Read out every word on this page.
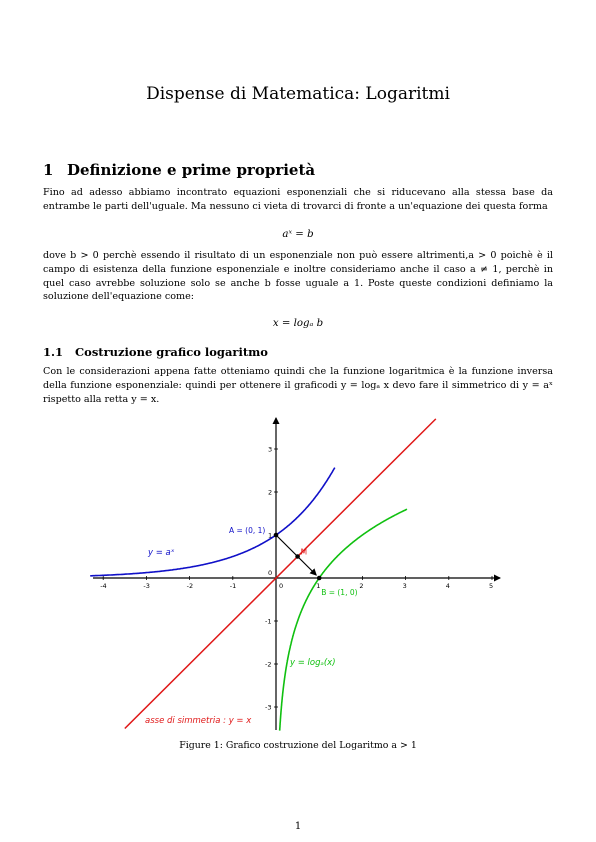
Dispense di Matematica: Logaritmi
1 Definizione e prime proprietà
Fino ad adesso abbiamo incontrato equazioni esponenziali che si riducevano alla stessa base da entrambe le parti dell'uguale. Ma nessuno ci vieta di trovarci di fronte a un'equazione dei questa forma
aˣ = b
dove b > 0 perchè essendo il risultato di un esponenziale non può essere altrimenti,a > 0 poichè è il campo di esistenza della funzione esponenziale e inoltre consideriamo anche il caso a ≠ 1, perchè in quel caso avrebbe soluzione solo se anche b fosse uguale a 1. Poste queste condizioni definiamo la soluzione dell'equazione come:
x = logₐ b
1.1 Costruzione grafico logaritmo
Con le considerazioni appena fatte otteniamo quindi che la funzione logaritmica è la funzione inversa della funzione esponenziale: quindi per ottenere il graficodi y = logₐ x devo fare il simmetrico di y = aˣ rispetto alla retta y = x.
-4	-3	-2	-1	0	1	2	3	4	5
3
2
1
0
-1
-2
-3
A = (0, 1)
B = (1, 0)
M
y = aˣ
y = logₐ(x)
asse di simmetria : y = x
Figure 1: Grafico costruzione del Logaritmo a > 1
1
